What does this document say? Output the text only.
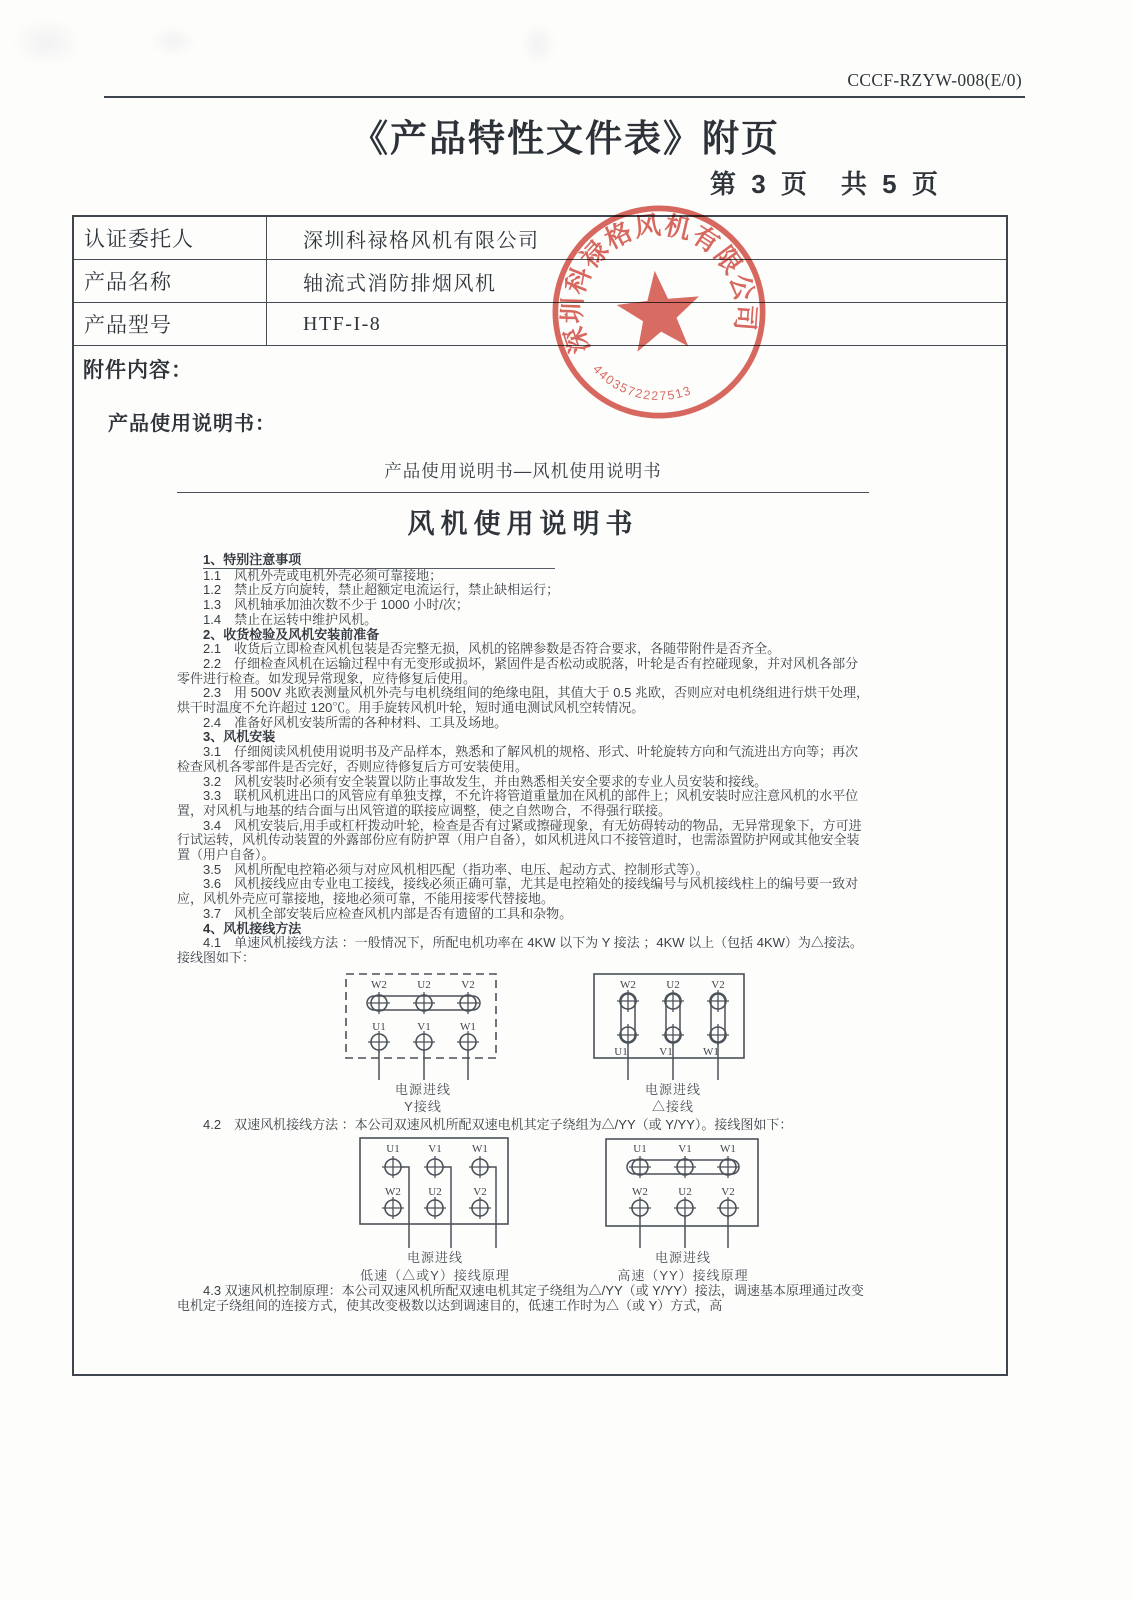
CCCF-RZYW-008(E/0)
《产品特性文件表》附页
第 3 页　共 5 页
认证委托人	深圳科禄格风机有限公司
产品名称	轴流式消防排烟风机
产品型号	HTF-I-8
附件内容：
产品使用说明书：
产品使用说明书—风机使用说明书
风机使用说明书

1、特别注意事项

1.1　风机外壳或电机外壳必须可靠接地；

1.2　禁止反方向旋转，禁止超额定电流运行，禁止缺相运行；

1.3　风机轴承加油次数不少于 1000 小时/次；

1.4　禁止在运转中维护风机。

2、收货检验及风机安装前准备

2.1　收货后立即检查风机包装是否完整无损，风机的铭牌参数是否符合要求，各随带附件是否齐全。

2.2　仔细检查风机在运输过程中有无变形或损坏，紧固件是否松动或脱落，叶轮是否有控碰现象，并对风机各部分零件进行检查。如发现异常现象，应待修复后使用。

2.3　用 500V 兆欧表测量风机外壳与电机绕组间的绝缘电阻，其值大于 0.5 兆欧，否则应对电机绕组进行烘干处理，烘干时温度不允许超过 120℃。用手旋转风机叶轮，短时通电测试风机空转情况。

2.4　准备好风机安装所需的各种材料、工具及场地。

3、风机安装

3.1　仔细阅读风机使用说明书及产品样本，熟悉和了解风机的规格、形式、叶轮旋转方向和气流进出方向等；再次检查风机各零部件是否完好，否则应待修复后方可安装使用。

3.2　风机安装时必须有安全装置以防止事故发生，并由熟悉相关安全要求的专业人员安装和接线。

3.3　联机风机进出口的风管应有单独支撑，不允许将管道重量加在风机的部件上；风机安装时应注意风机的水平位置，对风机与地基的结合面与出风管道的联接应调整，使之自然吻合，不得强行联接。

3.4　风机安装后,用手或杠杆拨动叶轮，检查是否有过紧或擦碰现象，有无妨碍转动的物品，无异常现象下，方可进行试运转，风机传动装置的外露部份应有防护罩（用户自备），如风机进风口不接管道时，也需添置防护网或其他安全装置（用户自备）。

3.5　风机所配电控箱必须与对应风机相匹配（指功率、电压、起动方式、控制形式等）。

3.6　风机接线应由专业电工接线，接线必须正确可靠，尤其是电控箱处的接线编号与风机接线柱上的编号要一致对应，风机外壳应可靠接地，接地必须可靠，不能用接零代替接地。

3.7　风机全部安装后应检查风机内部是否有遗留的工具和杂物。

4、风机接线方法

4.1　单速风机接线方法 ：一般情况下，所配电机功率在 4KW 以下为 Y 接法 ；4KW 以上（包括 4KW）为△接法。接线图如下：

W2	U2	V2
U1	V1	W1
电源进线
Y接线
W2	U2	V2
U1	V1	W1
电源进线
△接线

4.2　双速风机接线方法 ：本公司双速风机所配双速电机其定子绕组为△/YY（或 Y/YY）。接线图如下：

U1	V1	W1
W2 U2	V2
电源进线
低速（△或Y）接线原理
U1	V1	W1
W2	U2	V2
电源进线
高速（YY）接线原理

4.3 双速风机控制原理：本公司双速风机所配双速电机其定子绕组为△/YY（或 Y/YY）接法，调速基本原理通过改变电机定子绕组间的连接方式，使其改变极数以达到调速目的，低速工作时为△（或 Y）方式，高

深圳科禄格风机有限公司
4403572227513
